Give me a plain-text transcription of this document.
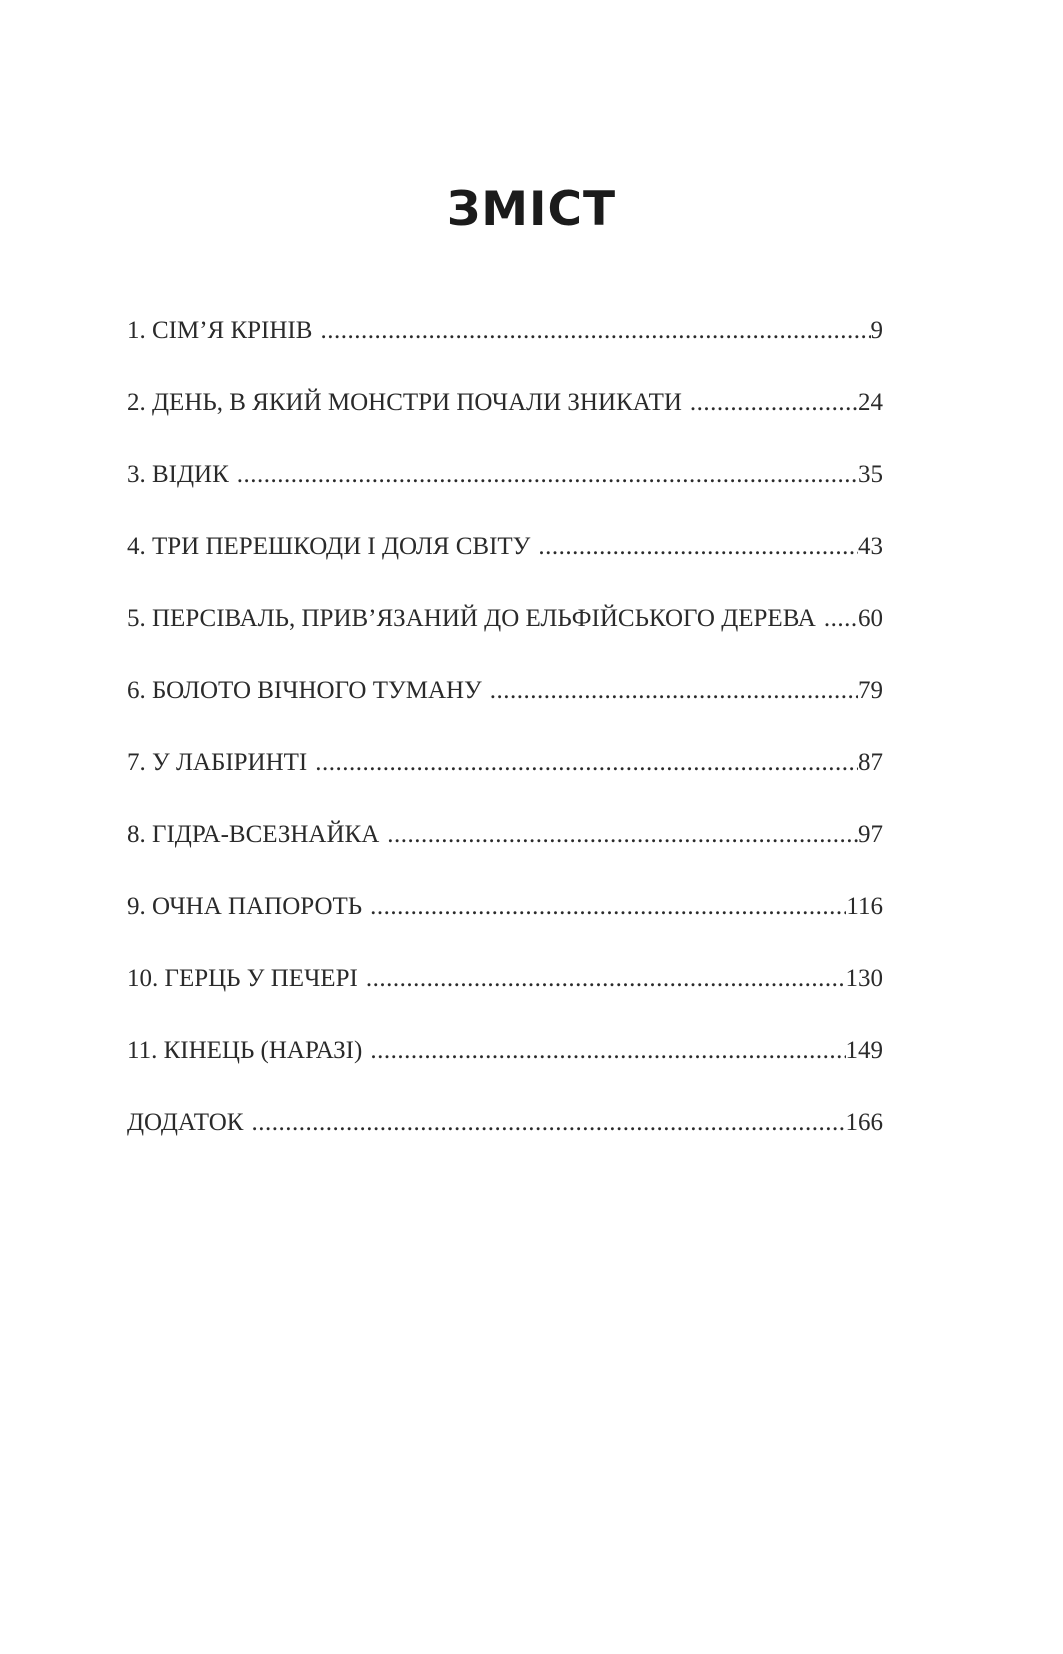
ЗМІСТ
1. СІМ’Я КРІНІВ .....	9
2. ДЕНЬ, В ЯКИЙ МОНСТРИ ПОЧАЛИ ЗНИКАТИ .....	24
3. ВІДИК .....	35
4. ТРИ ПЕРЕШКОДИ І ДОЛЯ СВІТУ .....	43
5. ПЕРСІВАЛЬ, ПРИВ’ЯЗАНИЙ ДО ЕЛЬФІЙСЬКОГО ДЕРЕВА ..... 60
6. БОЛОТО ВІЧНОГО ТУМАНУ .....	79
7. У ЛАБІРИНТІ .....	87
8. ГІДРА-ВСЕЗНАЙКА .....	97
9. ОЧНА ПАПОРОТЬ .....	116
10. ГЕРЦЬ У ПЕЧЕРІ .....	130
11. КІНЕЦЬ (НАРАЗІ) .....	149
ДОДАТОК .....	166
